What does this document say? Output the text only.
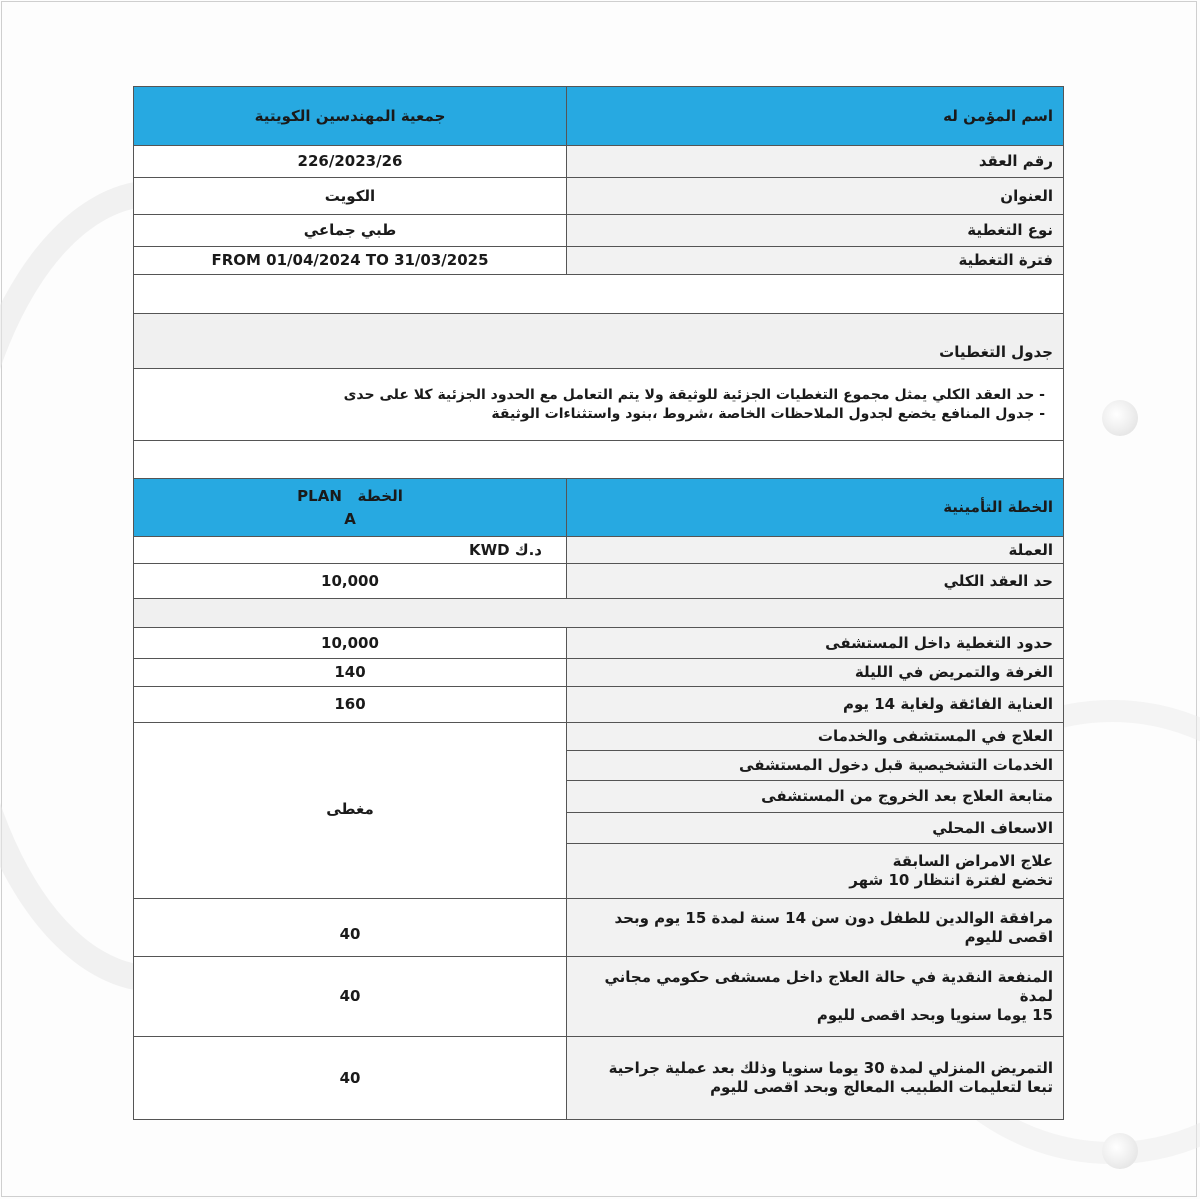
اسم المؤمن له	جمعية المهندسين الكويتية
رقم العقد	226/2023/26
العنوان	الكويت
نوع التغطية	طبي جماعي
فترة التغطية	FROM 01/04/2024 TO 31/03/2025

جدول التغطيات	

- حد العقد الكلي يمثل مجموع التغطيات الجزئية للوثيقة ولا يتم التعامل مع الحدود الجزئية كلا على حدى
- جدول المنافع يخضع لجدول الملاحظات الخاصة ،شروط ،بنود واستثناءات الوثيقة	

الخطة التأمينية	الخطة   PLAN
A

العملة	د.ك KWD
حد العقد الكلي	10,000

حدود التغطية داخل المستشفى	10,000
الغرفة والتمريض في الليلة	140
العناية الفائقة ولغاية 14 يوم	160
العلاج في المستشفى والخدمات	مغطى
الخدمات التشخيصية قبل دخول المستشفى	
متابعة العلاج بعد الخروج من المستشفى	
الاسعاف المحلي	

علاج الامراض السابقة
تخضع لفترة انتظار 10 شهر	

مرافقة الوالدين للطفل دون سن 14 سنة لمدة 15 يوم وبحد
اقصى لليوم	40

المنفعة النقدية في حالة العلاج داخل مسشفى حكومي مجاني لمدة
15 يوما سنويا وبحد اقصى لليوم	40

التمريض المنزلي لمدة 30 يوما سنويا وذلك بعد عملية جراحية
تبعا لتعليمات الطبيب المعالج وبحد اقصى لليوم	40
